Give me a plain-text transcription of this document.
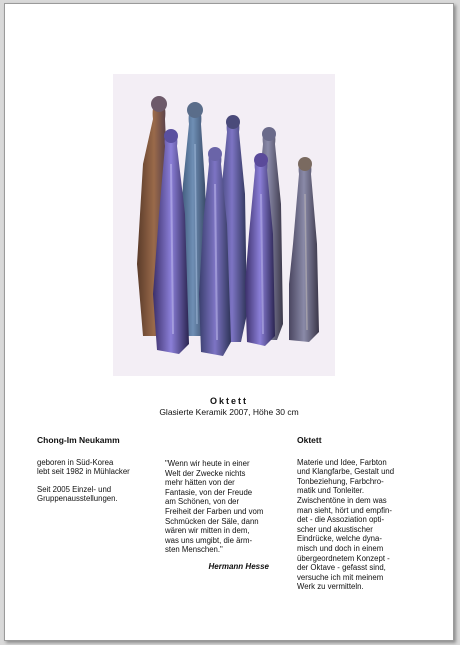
Oktett
Glasierte Keramik 2007, Höhe 30 cm
Chong-Im Neukamm

geboren in Süd-Korea
lebt seit 1982 in Mühlacker

Seit 2005 Einzel- und
Gruppenausstellungen.

"Wenn wir heute in einer
Welt der Zwecke nichts
mehr hätten von der
Fantasie, von der Freude
am Schönen, von der
Freiheit der Farben und vom
Schmücken der Säle, dann
wären wir mitten in dem,
was uns umgibt, die ärm-
sten Menschen."
Hermann Hesse
Oktett
Materie und Idee, Farbton
und Klangfarbe, Gestalt und
Tonbeziehung, Farbchro-
matik und Tonleiter.
Zwischentöne in dem was
man sieht, hört und empfin-
det - die Assoziation opti-
scher und akustischer
Eindrücke, welche dyna-
misch und doch in einem
übergeordnetem Konzept -
der Oktave - gefasst sind,
versuche ich mit meinem
Werk zu vermitteln.
